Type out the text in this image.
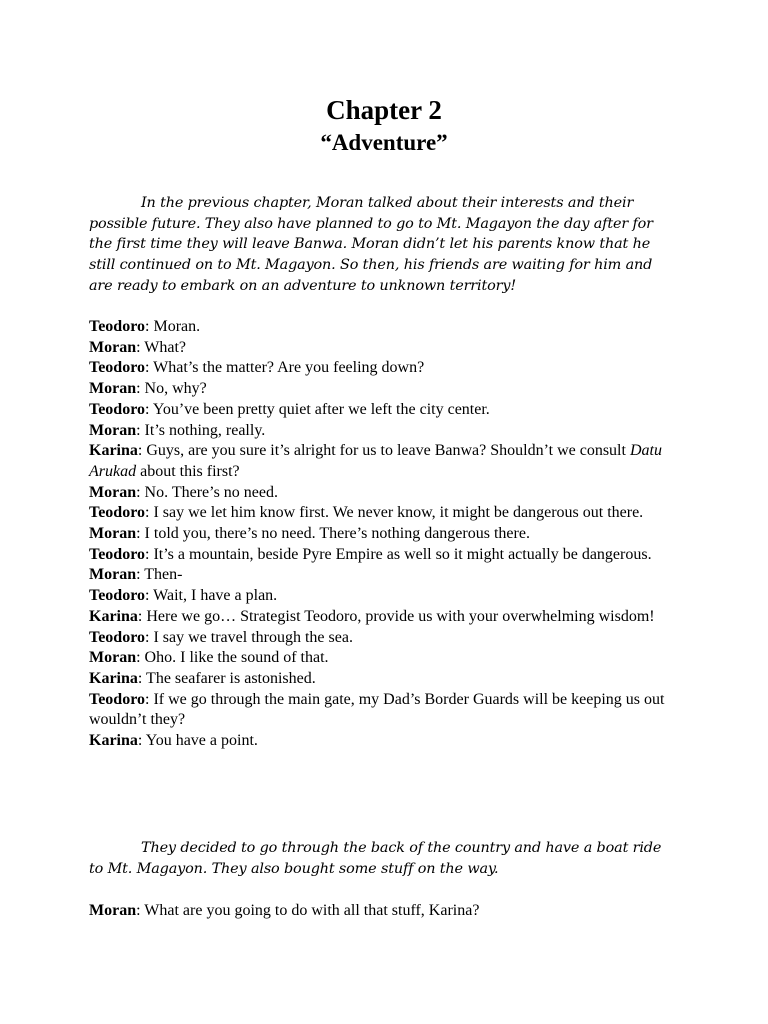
Chapter 2
“Adventure”

In the previous chapter, Moran talked about their interests and their possible future. They also have planned to go to Mt. Magayon the day after for the first time they will leave Banwa. Moran didn’t let his parents know that he still continued on to Mt. Magayon. So then, his friends are waiting for him and are ready to embark on an adventure to unknown territory!

Teodoro: Moran.

Moran: What?

Teodoro: What’s the matter? Are you feeling down?

Moran: No, why?

Teodoro: You’ve been pretty quiet after we left the city center.

Moran: It’s nothing, really.

Karina: Guys, are you sure it’s alright for us to leave Banwa? Shouldn’t we consult Datu Arukad about this first?

Moran: No. There’s no need.

Teodoro: I say we let him know first. We never know, it might be dangerous out there.

Moran: I told you, there’s no need. There’s nothing dangerous there.

Teodoro: It’s a mountain, beside Pyre Empire as well so it might actually be dangerous.

Moran: Then-

Teodoro: Wait, I have a plan.

Karina: Here we go… Strategist Teodoro, provide us with your overwhelming wisdom!

Teodoro: I say we travel through the sea.

Moran: Oho. I like the sound of that.

Karina: The seafarer is astonished.

Teodoro: If we go through the main gate, my Dad’s Border Guards will be keeping us out wouldn’t they?

Karina: You have a point.

They decided to go through the back of the country and have a boat ride to Mt. Magayon. They also bought some stuff on the way.

Moran: What are you going to do with all that stuff, Karina?
